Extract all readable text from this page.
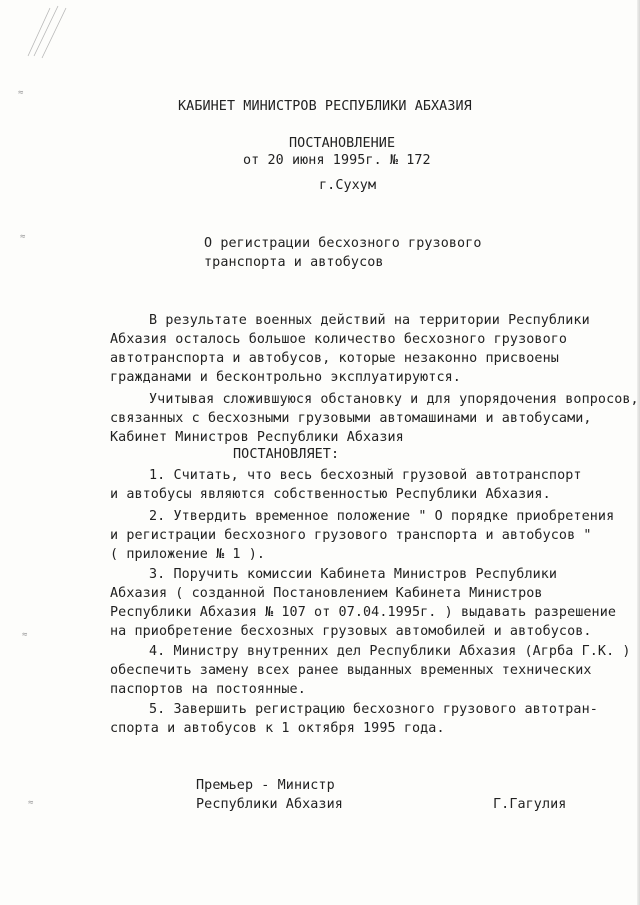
≈
≈
≈
≈
КАБИНЕТ МИНИСТРОВ РЕСПУБЛИКИ АБХАЗИЯ
ПОСТАНОВЛЕНИЕ
от 20 июня 1995г. № 172
г.Сухум
О регистрации бесхозного грузового
транспорта и автобусов
В результате военных действий на территории Республики
Абхазия осталось большое количество бесхозного грузового
автотранспорта и автобусов, которые незаконно присвоены
гражданами и бесконтрольно эксплуатируются.
Учитывая сложившуюся обстановку и для упорядочения вопросов,
связанных с бесхозными грузовыми автомашинами и автобусами,
Кабинет Министров Республики Абхазия
ПОСТАНОВЛЯЕТ:
1. Считать, что весь бесхозный грузовой автотранспорт
и автобусы являются собственностью Республики Абхазия.
2. Утвердить временное положение " О порядке приобретения
и регистрации бесхозного грузового транспорта и автобусов "
( приложение № 1 ).
3. Поручить комиссии Кабинета Министров Республики
Абхазия ( созданной Постановлением Кабинета Министров
Республики Абхазия № 107 от 07.04.1995г. ) выдавать разрешение
на приобретение бесхозных грузовых автомобилей и автобусов.
4. Министру внутренних дел Республики Абхазия (Агрба Г.К. )
обеспечить замену всех ранее выданных временных технических
паспортов на постоянные.
5. Завершить регистрацию бесхозного грузового автотран-
спорта и автобусов к 1 октября 1995 года.
Премьер - Министр
Республики Абхазия	Г.Гагулия
